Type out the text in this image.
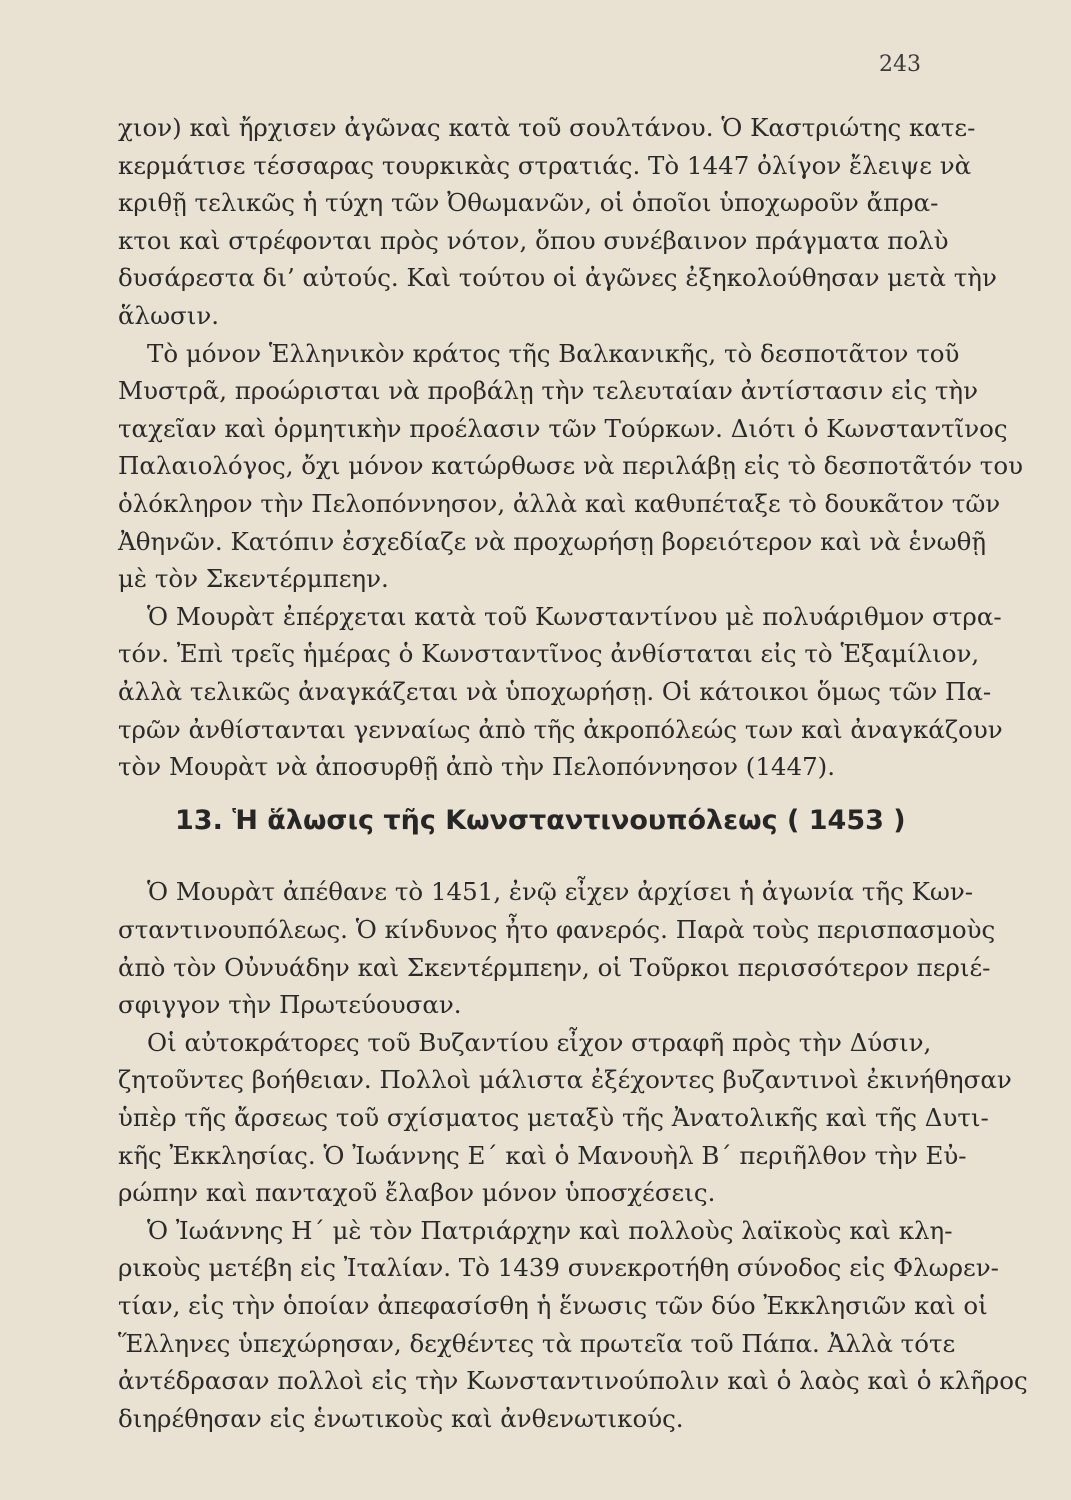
243
χιον) καὶ ἤρχισεν ἀγῶνας κατὰ τοῦ σουλτάνου. Ὁ Καστριώτης κατε-
κερμάτισε τέσσαρας τουρκικὰς στρατιάς. Τὸ 1447 ὀλίγον ἔλειψε νὰ
κριθῇ τελικῶς ἡ τύχη τῶν Ὀθωμανῶν, οἱ ὁποῖοι ὑποχωροῦν ἄπρα-
κτοι καὶ στρέφονται πρὸς νότον, ὅπου συνέβαινον πράγματα πολὺ
δυσάρεστα δι’ αὐτούς. Καὶ τούτου οἱ ἀγῶνες ἐξηκολούθησαν μετὰ τὴν
ἅλωσιν.
Τὸ μόνον Ἑλληνικὸν κράτος τῆς Βαλκανικῆς, τὸ δεσποτᾶτον τοῦ
Μυστρᾶ, προώρισται νὰ προβάλῃ τὴν τελευταίαν ἀντίστασιν εἰς τὴν
ταχεῖαν καὶ ὁρμητικὴν προέλασιν τῶν Τούρκων. Διότι ὁ Κωνσταντῖνος
Παλαιολόγος, ὄχι μόνον κατώρθωσε νὰ περιλάβῃ εἰς τὸ δεσποτᾶτόν του
ὁλόκληρον τὴν Πελοπόννησον, ἀλλὰ καὶ καθυπέταξε τὸ δουκᾶτον τῶν
Ἀθηνῶν. Κατόπιν ἐσχεδίαζε νὰ προχωρήσῃ βορειότερον καὶ νὰ ἑνωθῇ
μὲ τὸν Σκεντέρμπεην.
Ὁ Μουρὰτ ἐπέρχεται κατὰ τοῦ Κωνσταντίνου μὲ πολυάριθμον στρα-
τόν. Ἐπὶ τρεῖς ἡμέρας ὁ Κωνσταντῖνος ἀνθίσταται εἰς τὸ Ἑξαμίλιον,
ἀλλὰ τελικῶς ἀναγκάζεται νὰ ὑποχωρήσῃ. Οἱ κάτοικοι ὅμως τῶν Πα-
τρῶν ἀνθίστανται γενναίως ἀπὸ τῆς ἀκροπόλεώς των καὶ ἀναγκάζουν
τὸν Μουρὰτ νὰ ἀποσυρθῇ ἀπὸ τὴν Πελοπόννησον (1447).
13. Ἡ ἅλωσις τῆς Κωνσταντινουπόλεως ( 1453 )
Ὁ Μουρὰτ ἀπέθανε τὸ 1451, ἐνῷ εἶχεν ἀρχίσει ἡ ἀγωνία τῆς Κων-
σταντινουπόλεως. Ὁ κίνδυνος ἦτο φανερός. Παρὰ τοὺς περισπασμοὺς
ἀπὸ τὸν Οὐνυάδην καὶ Σκεντέρμπεην, οἱ Τοῦρκοι περισσότερον περιέ-
σφιγγον τὴν Πρωτεύουσαν.
Οἱ αὐτοκράτορες τοῦ Βυζαντίου εἶχον στραφῆ πρὸς τὴν Δύσιν,
ζητοῦντες βοήθειαν. Πολλοὶ μάλιστα ἐξέχοντες βυζαντινοὶ ἐκινήθησαν
ὑπὲρ τῆς ἄρσεως τοῦ σχίσματος μεταξὺ τῆς Ἀνατολικῆς καὶ τῆς Δυτι-
κῆς Ἐκκλησίας. Ὁ Ἰωάννης Ε΄ καὶ ὁ Μανουὴλ Β΄ περιῆλθον τὴν Εὐ-
ρώπην καὶ πανταχοῦ ἔλαβον μόνον ὑποσχέσεις.
Ὁ Ἰωάννης Η΄ μὲ τὸν Πατριάρχην καὶ πολλοὺς λαϊκοὺς καὶ κλη-
ρικοὺς μετέβη εἰς Ἰταλίαν. Τὸ 1439 συνεκροτήθη σύνοδος εἰς Φλωρεν-
τίαν, εἰς τὴν ὁποίαν ἀπεφασίσθη ἡ ἕνωσις τῶν δύο Ἐκκλησιῶν καὶ οἱ
Ἕλληνες ὑπεχώρησαν, δεχθέντες τὰ πρωτεῖα τοῦ Πάπα. Ἀλλὰ τότε
ἀντέδρασαν πολλοὶ εἰς τὴν Κωνσταντινούπολιν καὶ ὁ λαὸς καὶ ὁ κλῆρος
διηρέθησαν εἰς ἑνωτικοὺς καὶ ἀνθενωτικούς.
